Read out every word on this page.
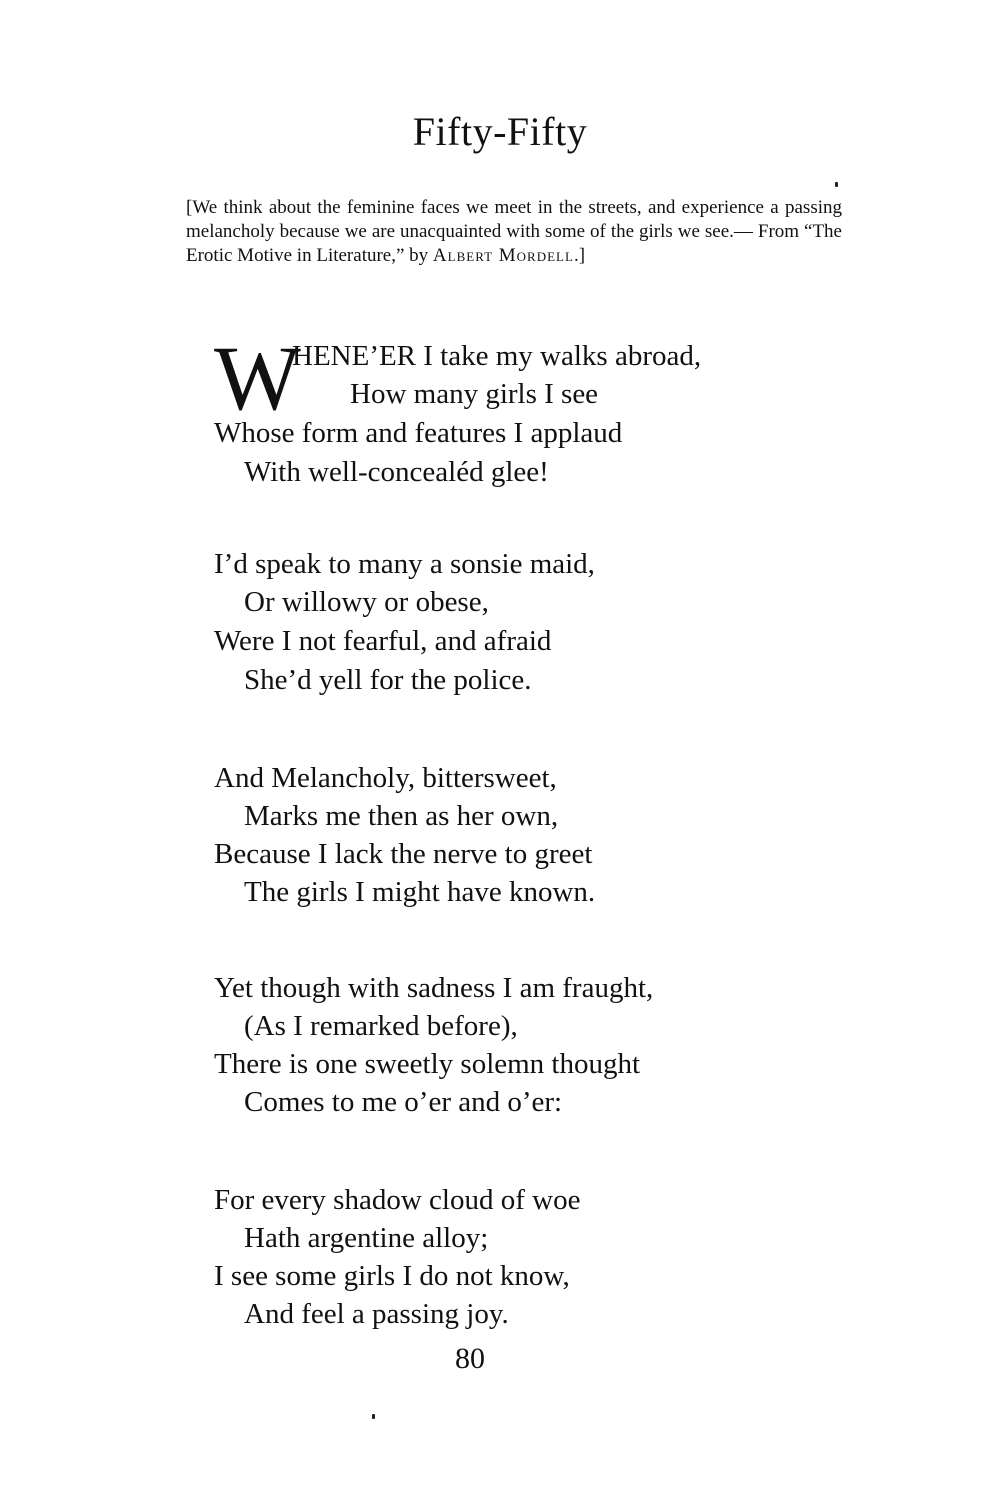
Fifty-Fifty

[We think about the feminine faces we meet in the streets, and experience a passing melancholy because we are unacquainted with some of the girls we see.— From “The Erotic Motive in Literature,” by Albert Mordell.]

W

HENE’ER I take my walks abroad,

How many girls I see

Whose form and features I applaud

With well-concealéd glee!

I’d speak to many a sonsie maid,

Or willowy or obese,

Were I not fearful, and afraid

She’d yell for the police.

And Melancholy, bittersweet,

Marks me then as her own,

Because I lack the nerve to greet

The girls I might have known.

Yet though with sadness I am fraught,

(As I remarked before),

There is one sweetly solemn thought

Comes to me o’er and o’er:

For every shadow cloud of woe

Hath argentine alloy;

I see some girls I do not know,

And feel a passing joy.

80
